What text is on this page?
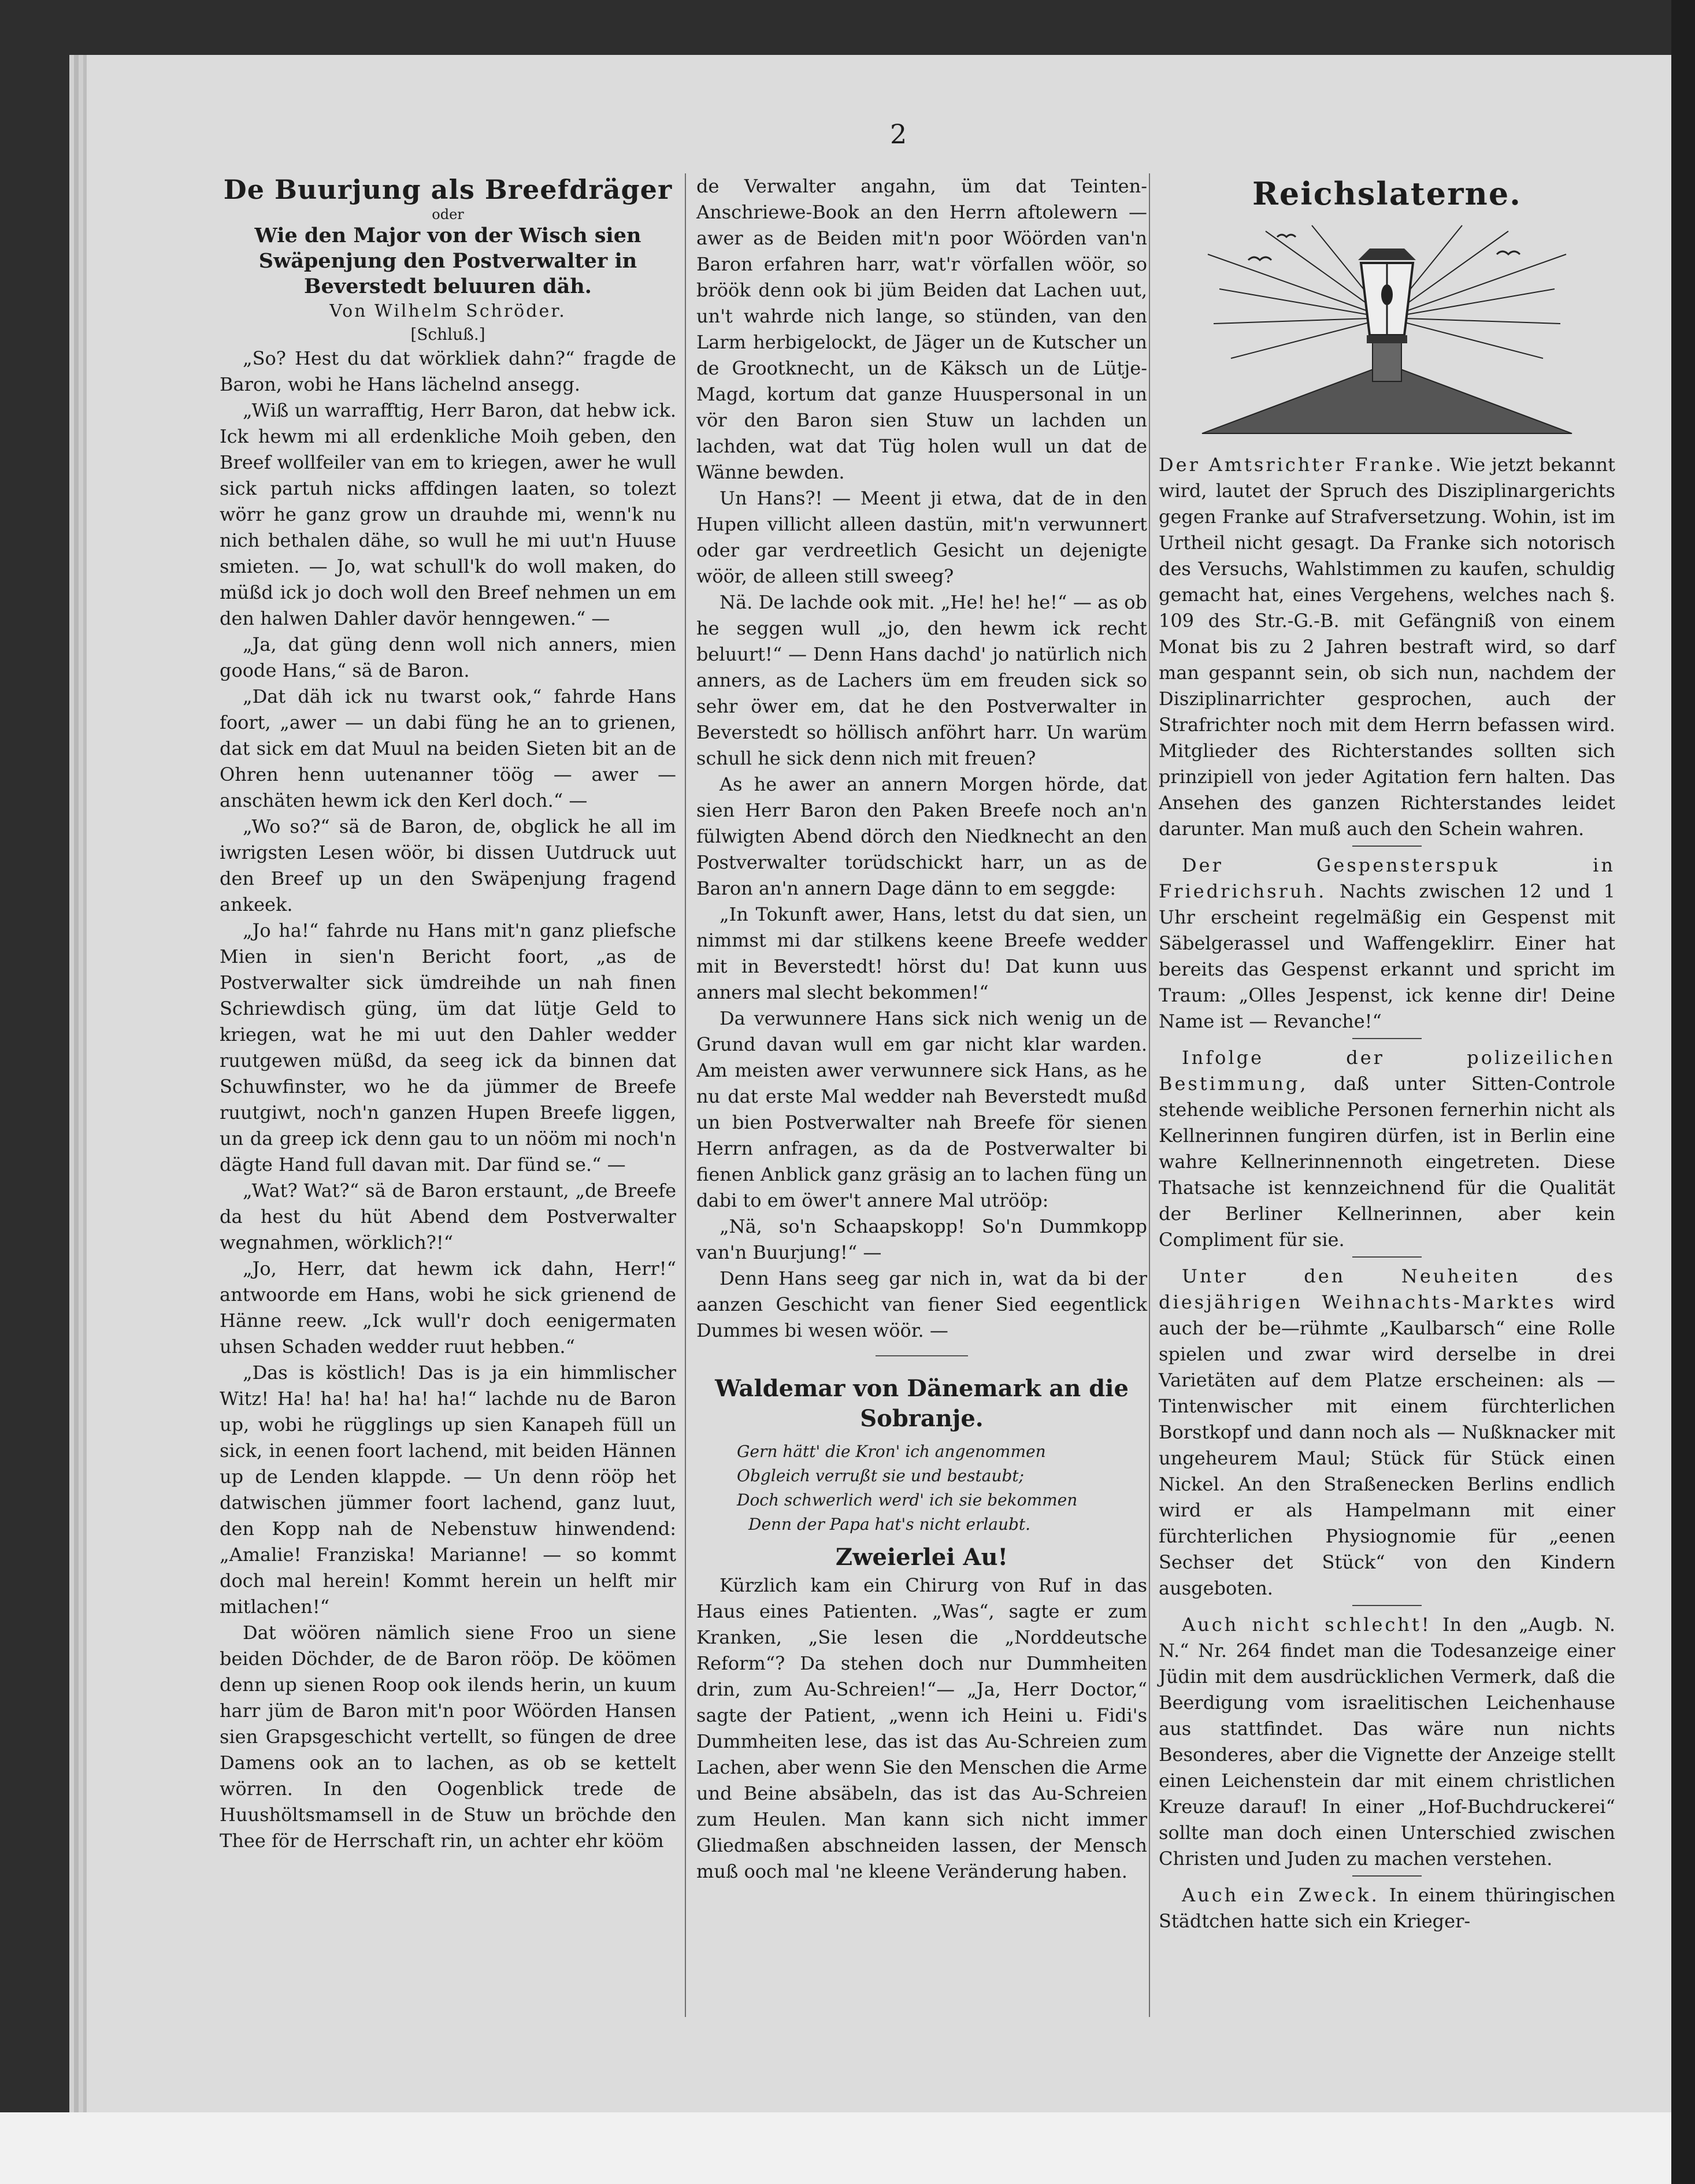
2
De Buurjung als Breefdräger
oder
Wie den Major von der Wisch sien Swäpenjung den Postverwalter in Beverstedt beluuren däh.
Von Wilhelm Schröder.
[Schluß.]

„So? Hest du dat wörkliek dahn?“ fragde de Baron, wobi he Hans lächelnd ansegg.

„Wiß un warrafftig, Herr Baron, dat hebw ick. Ick hewm mi all erdenkliche Moih geben, den Breef wollfeiler van em to kriegen, awer he wull sick partuh nicks affdingen laaten, so tolezt wörr he ganz grow un drauhde mi, wenn'k nu nich bethalen dähe, so wull he mi uut'n Huuse smieten. — Jo, wat schull'k do woll maken, do müßd ick jo doch woll den Breef nehmen un em den halwen Dahler davör henngewen.“ —

„Ja, dat güng denn woll nich anners, mien goode Hans,“ sä de Baron.

„Dat däh ick nu twarst ook,“ fahrde Hans foort, „awer — un dabi füng he an to grienen, dat sick em dat Muul na beiden Sieten bit an de Ohren henn uutenanner töög — awer — anschäten hewm ick den Kerl doch.“ —

„Wo so?“ sä de Baron, de, obglick he all im iwrigsten Lesen wöör, bi dissen Uutdruck uut den Breef up un den Swäpenjung fragend ankeek.

„Jo ha!“ fahrde nu Hans mit'n ganz pliefsche Mien in sien'n Bericht foort, „as de Postverwalter sick ümdreihde un nah finen Schriewdisch güng, üm dat lütje Geld to kriegen, wat he mi uut den Dahler wedder ruutgewen müßd, da seeg ick da binnen dat Schuwfinster, wo he da jümmer de Breefe ruutgiwt, noch'n ganzen Hupen Breefe liggen, un da greep ick denn gau to un nööm mi noch'n dägte Hand full davan mit. Dar fünd se.“ —

„Wat? Wat?“ sä de Baron erstaunt, „de Breefe da hest du hüt Abend dem Postverwalter wegnahmen, wörklich?!“

„Jo, Herr, dat hewm ick dahn, Herr!“ antwoorde em Hans, wobi he sick grienend de Hänne reew. „Ick wull'r doch eenigermaten uhsen Schaden wedder ruut hebben.“

„Das is köstlich! Das is ja ein himmlischer Witz! Ha! ha! ha! ha! ha!“ lachde nu de Baron up, wobi he rügglings up sien Kanapeh füll un sick, in eenen foort lachend, mit beiden Hännen up de Lenden klappde. — Un denn rööp het datwischen jümmer foort lachend, ganz luut, den Kopp nah de Nebenstuw hinwendend: „Amalie! Franziska! Marianne! — so kommt doch mal herein! Kommt herein un helft mir mitlachen!“

Dat wöören nämlich siene Froo un siene beiden Döchder, de de Baron rööp. De köömen denn up sienen Roop ook ilends herin, un kuum harr jüm de Baron mit'n poor Wöörden Hansen sien Grapsgeschicht vertellt, so füngen de dree Damens ook an to lachen, as ob se kettelt wörren. In den Oogenblick trede de Huushöltsmamsell in de Stuw un bröchde den Thee för de Herrschaft rin, un achter ehr kööm

de Verwalter angahn, üm dat Teinten-Anschriewe-Book an den Herrn aftolewern — awer as de Beiden mit'n poor Wöörden van'n Baron erfahren harr, wat'r vörfallen wöör, so bröök denn ook bi jüm Beiden dat Lachen uut, un't wahrde nich lange, so stünden, van den Larm herbigelockt, de Jäger un de Kutscher un de Grootknecht, un de Käksch un de Lütje-Magd, kortum dat ganze Huuspersonal in un vör den Baron sien Stuw un lachden un lachden, wat dat Tüg holen wull un dat de Wänne bewden.

Un Hans?! — Meent ji etwa, dat de in den Hupen villicht alleen dastün, mit'n verwunnert oder gar verdreetlich Gesicht un dejenigte wöör, de alleen still sweeg?

Nä. De lachde ook mit. „He! he! he!“ — as ob he seggen wull „jo, den hewm ick recht beluurt!“ — Denn Hans dachd' jo natürlich nich anners, as de Lachers üm em freuden sick so sehr öwer em, dat he den Postverwalter in Beverstedt so höllisch anföhrt harr. Un warüm schull he sick denn nich mit freuen?

As he awer an annern Morgen hörde, dat sien Herr Baron den Paken Breefe noch an'n fülwigten Abend dörch den Niedknecht an den Postverwalter torüdschickt harr, un as de Baron an'n annern Dage dänn to em seggde:

„In Tokunft awer, Hans, letst du dat sien, un nimmst mi dar stilkens keene Breefe wedder mit in Beverstedt! hörst du! Dat kunn uus anners mal slecht bekommen!“

Da verwunnere Hans sick nich wenig un de Grund davan wull em gar nicht klar warden. Am meisten awer verwunnere sick Hans, as he nu dat erste Mal wedder nah Beverstedt mußd un bien Postverwalter nah Breefe för sienen Herrn anfragen, as da de Postverwalter bi fienen Anblick ganz gräsig an to lachen füng un dabi to em öwer't annere Mal utrööp:

„Nä, so'n Schaapskopp! So'n Dummkopp van'n Buurjung!“ —

Denn Hans seeg gar nich in, wat da bi der aanzen Geschicht van fiener Sied eegentlick Dummes bi wesen wöör. —

Waldemar von Dänemark an die Sobranje.
Gern hätt' die Kron' ich angenommen
Obgleich verrußt sie und bestaubt;
Doch schwerlich werd' ich sie bekommen
Denn der Papa hat's nicht erlaubt.
Zweierlei Au!

Kürzlich kam ein Chirurg von Ruf in das Haus eines Patienten. „Was“, sagte er zum Kranken, „Sie lesen die „Norddeutsche Reform“? Da stehen doch nur Dummheiten drin, zum Au-Schreien!“— „Ja, Herr Doctor,“ sagte der Patient, „wenn ich Heini u. Fidi's Dummheiten lese, das ist das Au-Schreien zum Lachen, aber wenn Sie den Menschen die Arme und Beine absäbeln, das ist das Au-Schreien zum Heulen. Man kann sich nicht immer Gliedmaßen abschneiden lassen, der Mensch muß ooch mal 'ne kleene Veränderung haben.

Reichslaterne.

Der Amtsrichter Franke. Wie jetzt bekannt wird, lautet der Spruch des Disziplinargerichts gegen Franke auf Strafversetzung. Wohin, ist im Urtheil nicht gesagt. Da Franke sich notorisch des Versuchs, Wahlstimmen zu kaufen, schuldig gemacht hat, eines Vergehens, welches nach §. 109 des Str.-G.-B. mit Gefängniß von einem Monat bis zu 2 Jahren bestraft wird, so darf man gespannt sein, ob sich nun, nachdem der Disziplinarrichter gesprochen, auch der Strafrichter noch mit dem Herrn befassen wird. Mitglieder des Richterstandes sollten sich prinzipiell von jeder Agitation fern halten. Das Ansehen des ganzen Richterstandes leidet darunter. Man muß auch den Schein wahren.

Der Gespensterspuk in Friedrichsruh. Nachts zwischen 12 und 1 Uhr erscheint regelmäßig ein Gespenst mit Säbelgerassel und Waffengeklirr. Einer hat bereits das Gespenst erkannt und spricht im Traum: „Olles Jespenst, ick kenne dir! Deine Name ist — Revanche!“

Infolge der polizeilichen Bestimmung, daß unter Sitten-Controle stehende weibliche Personen fernerhin nicht als Kellnerinnen fungiren dürfen, ist in Berlin eine wahre Kellnerinnennoth eingetreten. Diese Thatsache ist kennzeichnend für die Qualität der Berliner Kellnerinnen, aber kein Compliment für sie.

Unter den Neuheiten des diesjährigen Weihnachts-Marktes wird auch der be—rühmte „Kaulbarsch“ eine Rolle spielen und zwar wird derselbe in drei Varietäten auf dem Platze erscheinen: als — Tintenwischer mit einem fürchterlichen Borstkopf und dann noch als — Nußknacker mit ungeheurem Maul; Stück für Stück einen Nickel. An den Straßenecken Berlins endlich wird er als Hampelmann mit einer fürchterlichen Physiognomie für „eenen Sechser det Stück“ von den Kindern ausgeboten.

Auch nicht schlecht! In den „Augb. N. N.“ Nr. 264 findet man die Todesanzeige einer Jüdin mit dem ausdrücklichen Vermerk, daß die Beerdigung vom israelitischen Leichenhause aus stattfindet. Das wäre nun nichts Besonderes, aber die Vignette der Anzeige stellt einen Leichenstein dar mit einem christlichen Kreuze darauf! In einer „Hof-Buchdruckerei“ sollte man doch einen Unterschied zwischen Christen und Juden zu machen verstehen.

Auch ein Zweck. In einem thüringischen Städtchen hatte sich ein Krieger-
